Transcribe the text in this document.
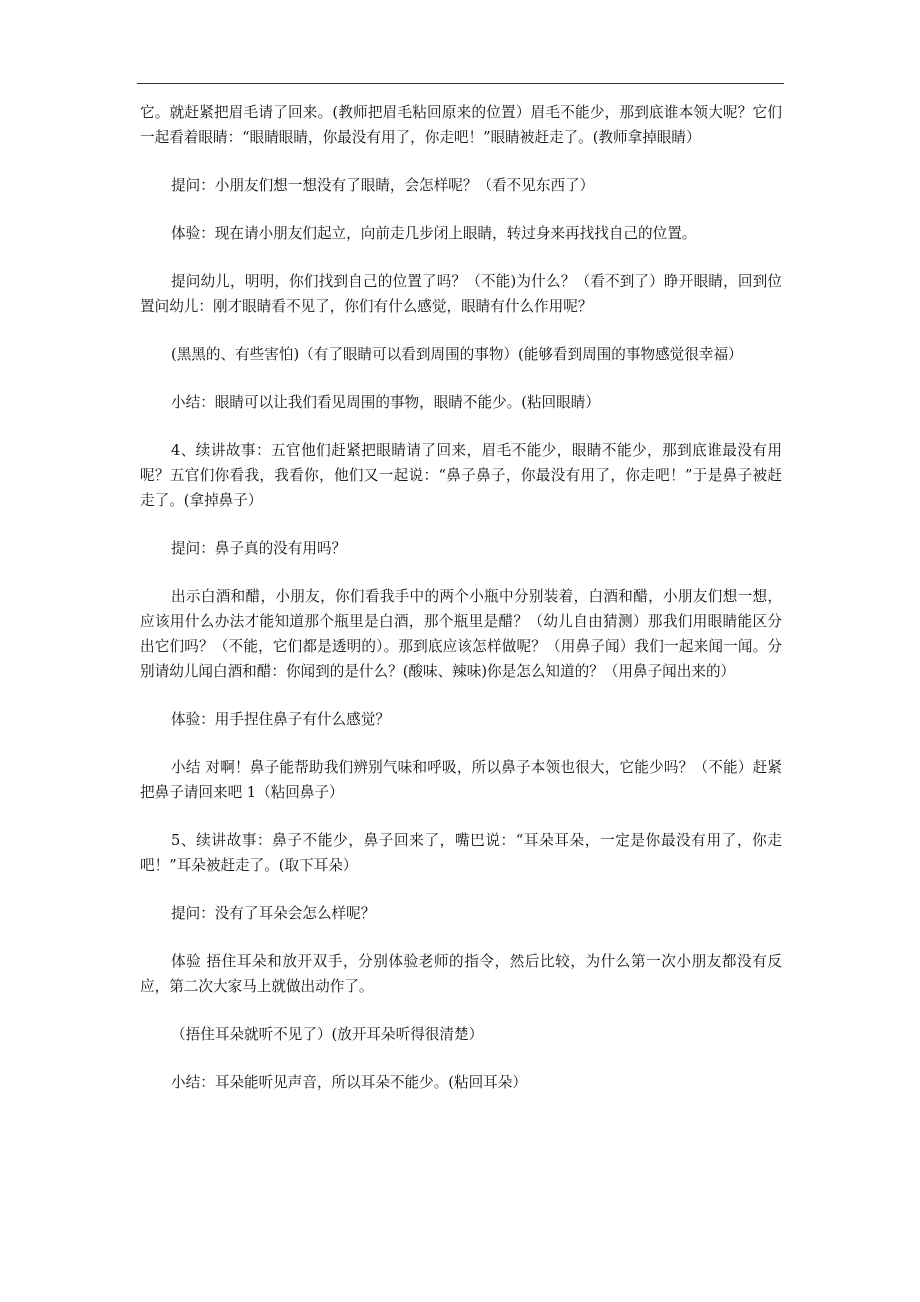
它。就赶紧把眉毛请了回来。(教师把眉毛粘回原来的位置）眉毛不能少，那到底谁本领大呢？它们一起看着眼睛：“眼睛眼睛，你最没有用了，你走吧！”眼睛被赶走了。(教师拿掉眼睛）

提问：小朋友们想一想没有了眼睛，会怎样呢？（看不见东西了）

体验：现在请小朋友们起立，向前走几步闭上眼睛，转过身来再找找自己的位置。

提问幼儿，明明，你们找到自己的位置了吗？（不能)为什么？（看不到了）睁开眼睛，回到位置问幼儿：刚才眼睛看不见了，你们有什么感觉，眼睛有什么作用呢？

(黑黑的、有些害怕)（有了眼睛可以看到周围的事物）(能够看到周围的事物感觉很幸福）

小结：眼睛可以让我们看见周围的事物，眼睛不能少。(粘回眼睛）

4、续讲故事：五官他们赶紧把眼睛请了回来，眉毛不能少，眼睛不能少，那到底谁最没有用呢？五官们你看我，我看你，他们又一起说：“鼻子鼻子，你最没有用了，你走吧！”于是鼻子被赶走了。(拿掉鼻子）

提问：鼻子真的没有用吗？

出示白酒和醋，小朋友，你们看我手中的两个小瓶中分别装着，白酒和醋，小朋友们想一想，应该用什么办法才能知道那个瓶里是白酒，那个瓶里是醋？（幼儿自由猜测）那我们用眼睛能区分出它们吗？（不能，它们都是透明的）。那到底应该怎样做呢？（用鼻子闻）我们一起来闻一闻。分别请幼儿闻白酒和醋：你闻到的是什么？(酸味、辣味)你是怎么知道的？（用鼻子闻出来的）

体验：用手捏住鼻子有什么感觉？

小结 对啊！鼻子能帮助我们辨别气味和呼吸，所以鼻子本领也很大，它能少吗？（不能）赶紧把鼻子请回来吧 1（粘回鼻子）

5、续讲故事：鼻子不能少，鼻子回来了，嘴巴说：“耳朵耳朵，一定是你最没有用了，你走吧！”耳朵被赶走了。(取下耳朵）

提问：没有了耳朵会怎么样呢？

体验 捂住耳朵和放开双手，分别体验老师的指令，然后比较，为什么第一次小朋友都没有反应，第二次大家马上就做出动作了。

（捂住耳朵就听不见了）(放开耳朵听得很清楚）

小结：耳朵能听见声音，所以耳朵不能少。(粘回耳朵）
